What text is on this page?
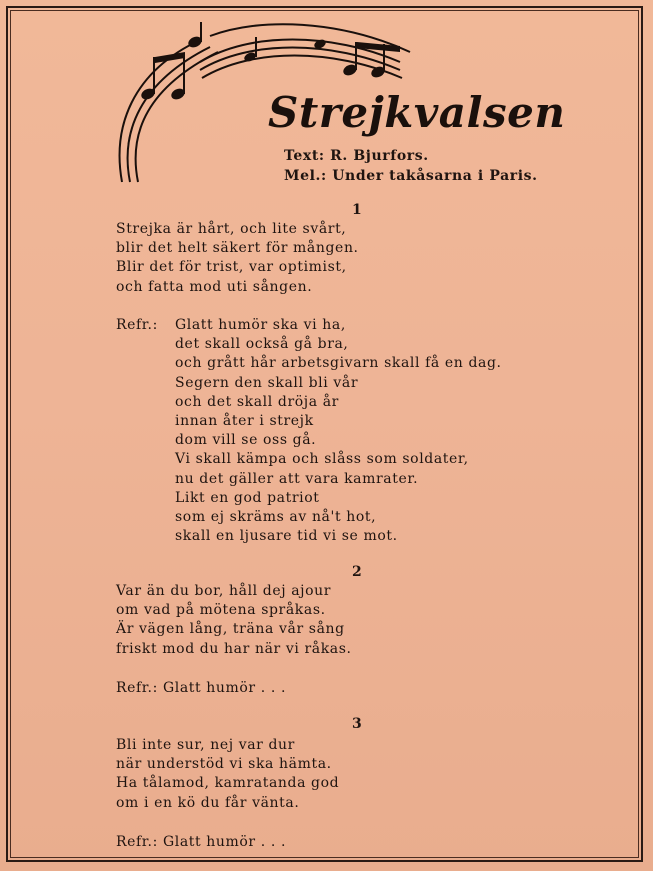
Strejkvalsen
Text: R. Bjurfors.
Mel.: Under takåsarna i Paris.
1
Strejka är hårt, och lite svårt,
blir det helt säkert för mången.
Blir det för trist, var optimist,
och fatta mod uti sången.
Refr.: Glatt humör ska vi ha,
det skall också gå bra,
och grått hår arbetsgivarn skall få en dag.
Segern den skall bli vår
och det skall dröja år
innan åter i strejk
dom vill se oss gå.
Vi skall kämpa och slåss som soldater,
nu det gäller att vara kamrater.
Likt en god patriot
som ej skräms av nå't hot,
skall en ljusare tid vi se mot.
2
Var än du bor, håll dej ajour
om vad på mötena språkas.
Är vägen lång, träna vår sång
friskt mod du har när vi råkas.
Refr.: Glatt humör . . .
3
Bli inte sur, nej var dur
när understöd vi ska hämta.
Ha tålamod, kamratanda god
om i en kö du får vänta.
Refr.: Glatt humör . . .
